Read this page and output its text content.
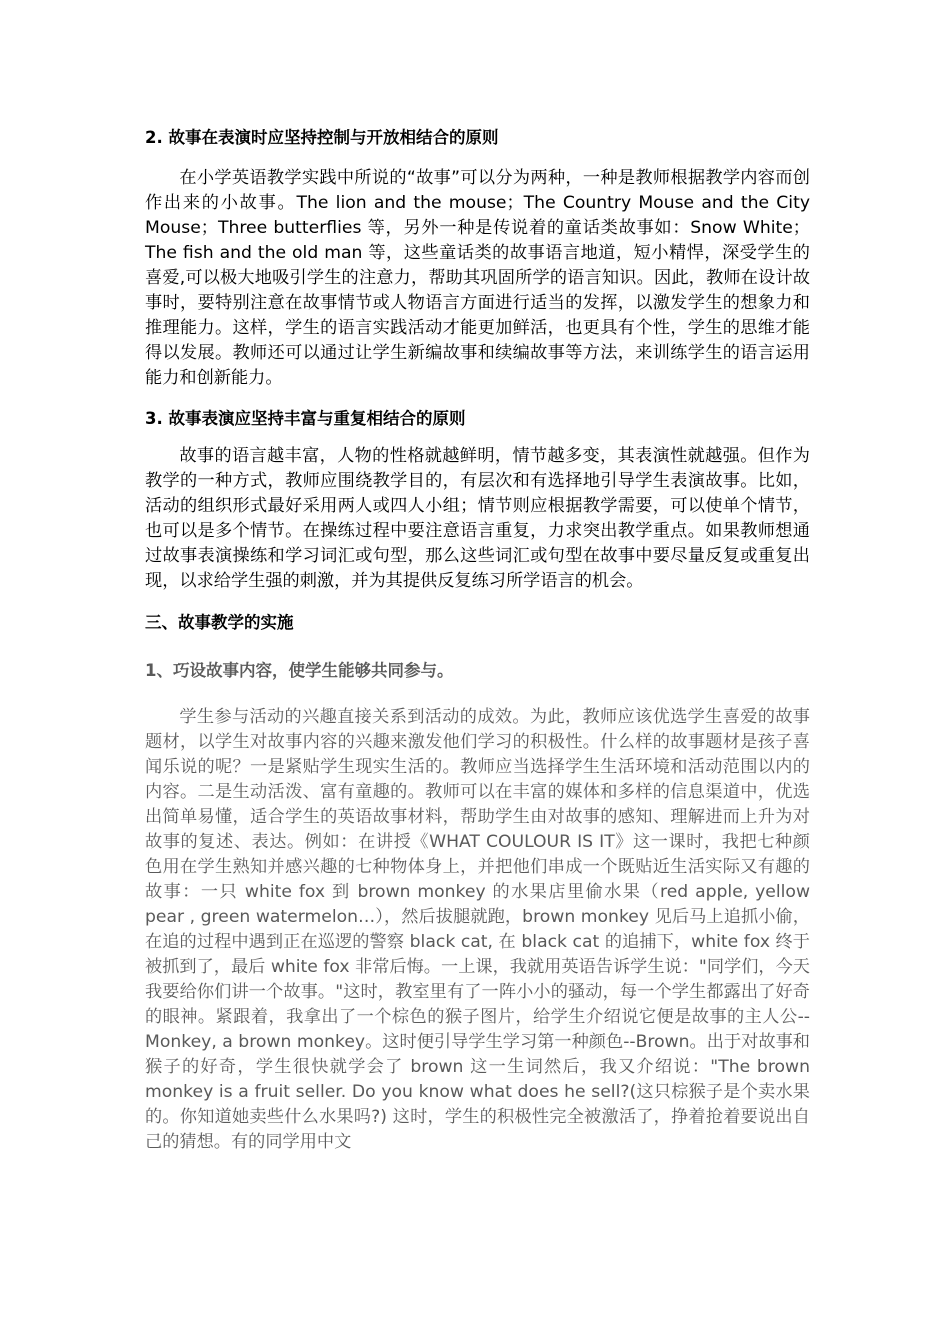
2. 故事在表演时应坚持控制与开放相结合的原则

在小学英语教学实践中所说的“故事”可以分为两种，一种是教师根据教学内容而创作出来的小故事。The lion and the mouse；The Country Mouse and the City Mouse；Three butterflies 等，另外一种是传说着的童话类故事如：Snow White；The fish and the old man 等，这些童话类的故事语言地道，短小精悍，深受学生的喜爱,可以极大地吸引学生的注意力，帮助其巩固所学的语言知识。因此，教师在设计故事时，要特别注意在故事情节或人物语言方面进行适当的发挥，以激发学生的想象力和推理能力。这样，学生的语言实践活动才能更加鲜活，也更具有个性，学生的思维才能得以发展。教师还可以通过让学生新编故事和续编故事等方法，来训练学生的语言运用能力和创新能力。

3. 故事表演应坚持丰富与重复相结合的原则

故事的语言越丰富，人物的性格就越鲜明，情节越多变，其表演性就越强。但作为教学的一种方式，教师应围绕教学目的，有层次和有选择地引导学生表演故事。比如，活动的组织形式最好采用两人或四人小组；情节则应根据教学需要，可以使单个情节，也可以是多个情节。在操练过程中要注意语言重复，力求突出教学重点。如果教师想通过故事表演操练和学习词汇或句型，那么这些词汇或句型在故事中要尽量反复或重复出现，以求给学生强的刺激，并为其提供反复练习所学语言的机会。

三、故事教学的实施

1、巧设故事内容，使学生能够共同参与。

学生参与活动的兴趣直接关系到活动的成效。为此，教师应该优选学生喜爱的故事题材，以学生对故事内容的兴趣来激发他们学习的积极性。什么样的故事题材是孩子喜闻乐说的呢？一是紧贴学生现实生活的。教师应当选择学生生活环境和活动范围以内的内容。二是生动活泼、富有童趣的。教师可以在丰富的媒体和多样的信息渠道中，优选出简单易懂，适合学生的英语故事材料，帮助学生由对故事的感知、理解进而上升为对故事的复述、表达。例如：在讲授《WHAT COULOUR IS IT》这一课时，我把七种颜色用在学生熟知并感兴趣的七种物体身上，并把他们串成一个既贴近生活实际又有趣的故事：一只 white fox 到 brown monkey 的水果店里偷水果（red apple, yellow pear , green watermelon…），然后拔腿就跑，brown monkey 见后马上追抓小偷，在追的过程中遇到正在巡逻的警察 black cat, 在 black cat 的追捕下，white fox 终于被抓到了，最后 white fox 非常后悔。一上课，我就用英语告诉学生说："同学们，今天我要给你们讲一个故事。"这时，教室里有了一阵小小的骚动，每一个学生都露出了好奇的眼神。紧跟着，我拿出了一个棕色的猴子图片，给学生介绍说它便是故事的主人公--Monkey, a brown monkey。这时便引导学生学习第一种颜色--Brown。出于对故事和猴子的好奇，学生很快就学会了 brown 这一生词然后，我又介绍说："The brown monkey is a fruit seller. Do you know what does he sell?(这只棕猴子是个卖水果的。你知道她卖些什么水果吗?) 这时，学生的积极性完全被激活了，挣着抢着要说出自己的猜想。有的同学用中文
